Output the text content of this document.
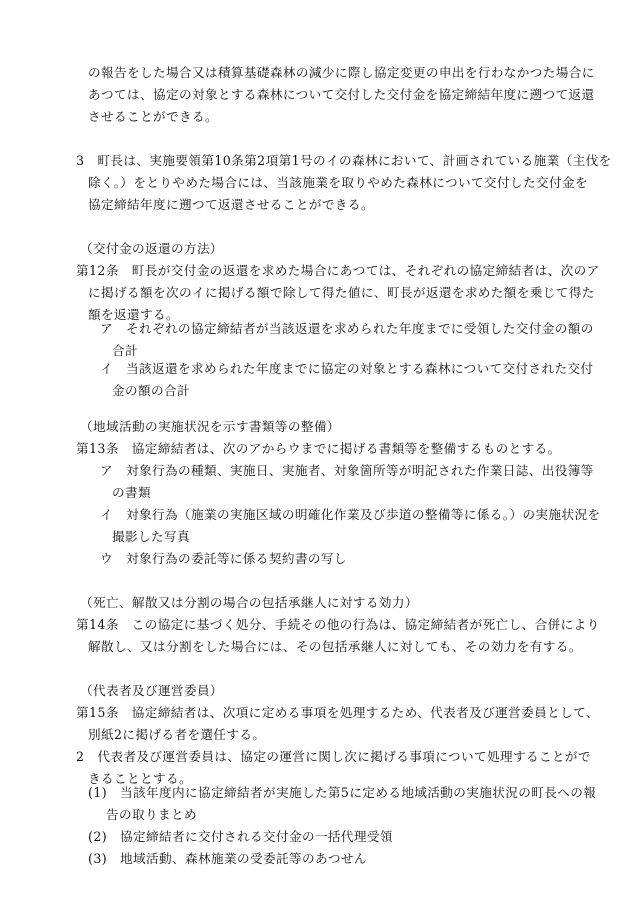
の報告をした場合又は積算基礎森林の減少に際し協定変更の申出を行わなかつた場合に
あつては、協定の対象とする森林について交付した交付金を協定締結年度に遡つて返還
させることができる。
3　町長は、実施要領第10条第2項第1号のイの森林において、計画されている施業（主伐を
除く。）をとりやめた場合には、当該施業を取りやめた森林について交付した交付金を
協定締結年度に遡つて返還させることができる。
（交付金の返還の方法）
第12条　町長が交付金の返還を求めた場合にあつては、それぞれの協定締結者は、次のア
に掲げる額を次のイに掲げる額で除して得た値に、町長が返還を求めた額を乗じて得た
額を返還する。
ア　それぞれの協定締結者が当該返還を求められた年度までに受領した交付金の額の
合計
イ　当該返還を求められた年度までに協定の対象とする森林について交付された交付
金の額の合計
（地域活動の実施状況を示す書類等の整備）
第13条　協定締結者は、次のアからウまでに掲げる書類等を整備するものとする。
ア　対象行為の種類、実施日、実施者、対象箇所等が明記された作業日誌、出役簿等
の書類
イ　対象行為（施業の実施区域の明確化作業及び歩道の整備等に係る。）の実施状況を
撮影した写真
ウ　対象行為の委託等に係る契約書の写し
（死亡、解散又は分割の場合の包括承継人に対する効力）
第14条　この協定に基づく処分、手続その他の行為は、協定締結者が死亡し、合併により
解散し、又は分割をした場合には、その包括承継人に対しても、その効力を有する。
（代表者及び運営委員）
第15条　協定締結者は、次項に定める事項を処理するため、代表者及び運営委員として、
別紙2に掲げる者を選任する。
2　代表者及び運営委員は、協定の運営に関し次に掲げる事項について処理することがで
きることとする。
(1)　当該年度内に協定締結者が実施した第5に定める地域活動の実施状況の町長への報
告の取りまとめ
(2)　協定締結者に交付される交付金の一括代理受領
(3)　地域活動、森林施業の受委託等のあつせん
